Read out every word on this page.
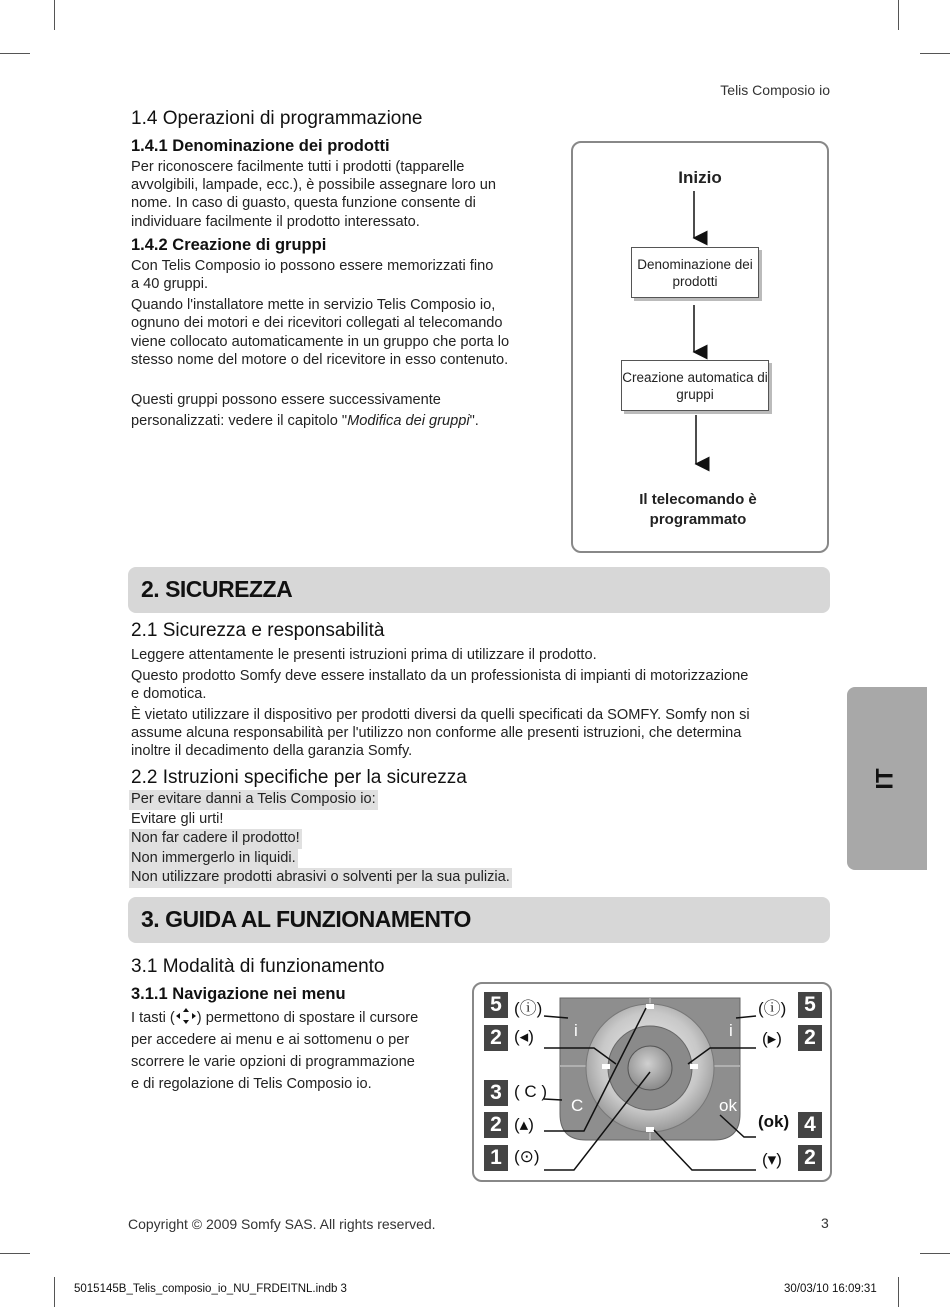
Telis Composio io
1.4 Operazioni di programmazione
1.4.1 Denominazione dei prodotti

Per riconoscere facilmente tutti i prodotti (tapparelle

avvolgibili, lampade, ecc.), è possibile assegnare loro un

nome. In caso di guasto, questa funzione consente di

individuare facilmente il prodotto interessato.

1.4.2 Creazione di gruppi

Con Telis Composio io possono essere memorizzati fino

a 40 gruppi.

Quando l'installatore mette in servizio Telis Composio io,

ognuno dei motori e dei ricevitori collegati al telecomando

viene collocato automaticamente in un gruppo che porta lo

stesso nome del motore o del ricevitore in esso contenuto.

Questi gruppi possono essere successivamente

personalizzati: vedere il capitolo "Modifica dei gruppi".

Inizio
Denominazione dei prodotti
Creazione automatica di gruppi
Il telecomando è programmato
2. SICUREZZA
2.1 Sicurezza e responsabilità

Leggere attentamente le presenti istruzioni prima di utilizzare il prodotto.

Questo prodotto Somfy deve essere installato da un professionista di impianti di motorizzazione

e domotica.

È vietato utilizzare il dispositivo per prodotti diversi da quelli specificati da SOMFY. Somfy non si

assume alcuna responsabilità per l'utilizzo non conforme alle presenti istruzioni, che determina

inoltre il decadimento della garanzia Somfy.

2.2 Istruzioni specifiche per la sicurezza

Per evitare danni a Telis Composio io:

Evitare gli urti!

Non far cadere il prodotto!

Non immergerlo in liquidi.

Non utilizzare prodotti abrasivi o solventi per la sua pulizia.

IT
3. GUIDA AL FUNZIONAMENTO
3.1 Modalità di funzionamento
3.1.1 Navigazione nei menu

I tasti ( ) permettono di spostare il cursore

per accedere ai menu e ai sottomenu o per

scorrere le varie opzioni di programmazione

e di regolazione di Telis Composio io.

i	i
C	ok
5 (ⓘ)
2 (◂)
3 ( C )
2 (▴)
1 (⊙)
(ⓘ) 5
(▸) 2
(ok) 4
(▾) 2
Copyright © 2009 Somfy SAS. All rights reserved.	3
5015145B_Telis_composio_io_NU_FRDEITNL.indb 3	30/03/10 16:09:31
